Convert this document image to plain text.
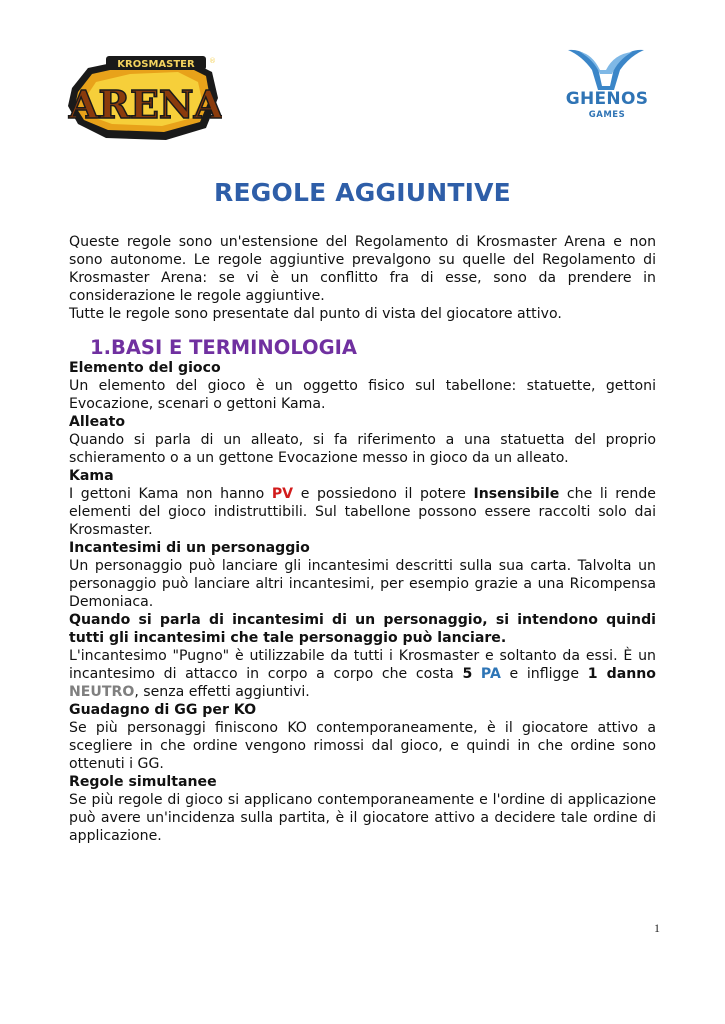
KROSMASTER ®
ARENA	GHENOS
GAMES
REGOLE AGGIUNTIVE

Queste regole sono un'estensione del Regolamento di Krosmaster Arena e non sono autonome. Le regole aggiuntive prevalgono su quelle del Regolamento di Krosmaster Arena: se vi è un conflitto fra di esse, sono da prendere in considerazione le regole aggiuntive.

Tutte le regole sono presentate dal punto di vista del giocatore attivo.

1.BASI E TERMINOLOGIA

Elemento del gioco

Un elemento del gioco è un oggetto fisico sul tabellone: statuette, gettoni Evocazione, scenari o gettoni Kama.

Alleato

Quando si parla di un alleato, si fa riferimento a una statuetta del proprio schieramento o a un gettone Evocazione messo in gioco da un alleato.

Kama

I gettoni Kama non hanno PV e possiedono il potere Insensibile che li rende elementi del gioco indistruttibili. Sul tabellone possono essere raccolti solo dai Krosmaster.

Incantesimi di un personaggio

Un personaggio può lanciare gli incantesimi descritti sulla sua carta. Talvolta un personaggio può lanciare altri incantesimi, per esempio grazie a una Ricompensa Demoniaca.

Quando si parla di incantesimi di un personaggio, si intendono quindi tutti gli incantesimi che tale personaggio può lanciare.

L'incantesimo "Pugno" è utilizzabile da tutti i Krosmaster e soltanto da essi. È un incantesimo di attacco in corpo a corpo che costa 5 PA e infligge 1 danno NEUTRO, senza effetti aggiuntivi.

Guadagno di GG per KO

Se più personaggi finiscono KO contemporaneamente, è il giocatore attivo a scegliere in che ordine vengono rimossi dal gioco, e quindi in che ordine sono ottenuti i GG.

Regole simultanee

Se più regole di gioco si applicano contemporaneamente e l'ordine di applicazione può avere un'incidenza sulla partita, è il giocatore attivo a decidere tale ordine di applicazione.

1
